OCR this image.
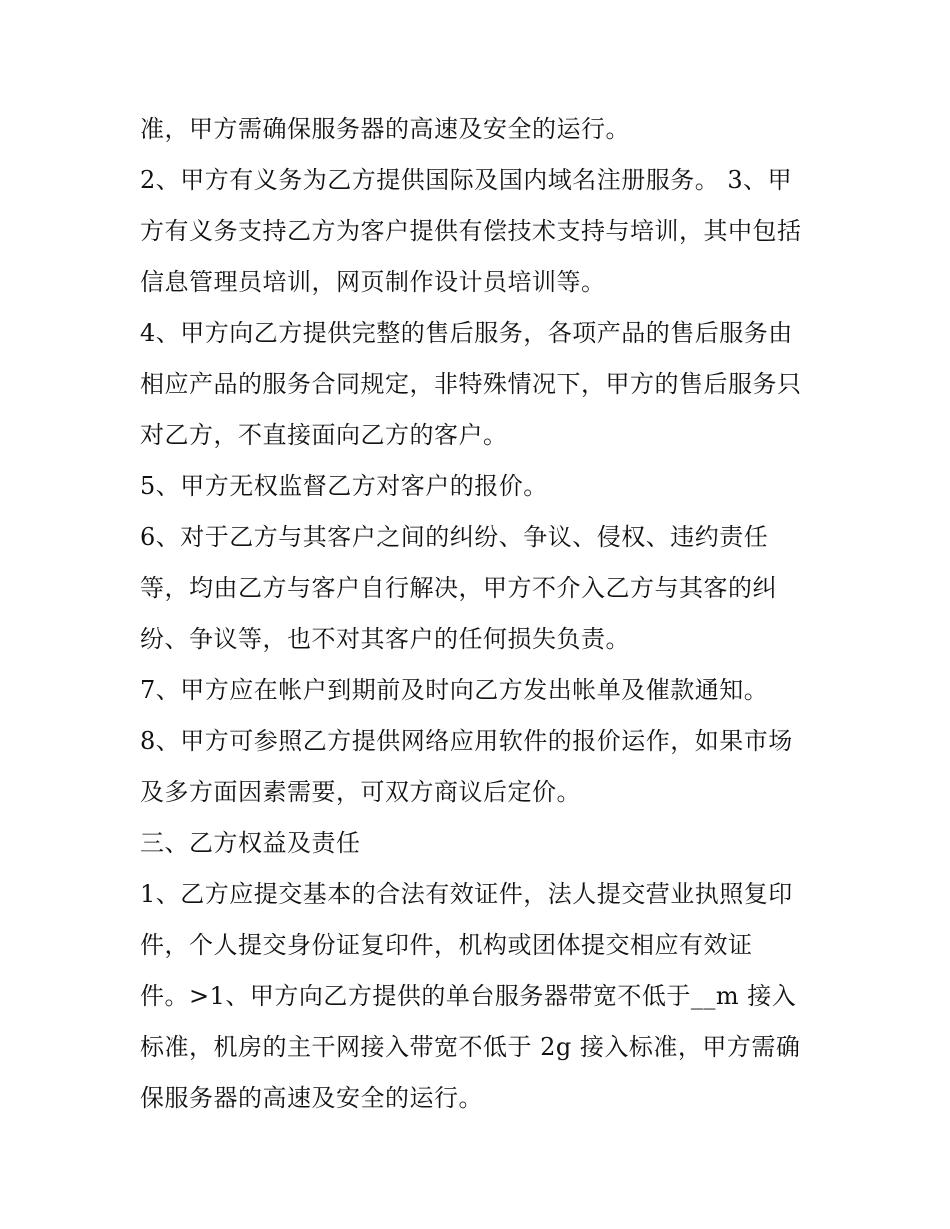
准，甲方需确保服务器的高速及安全的运行。
2、甲方有义务为乙方提供国际及国内域名注册服务。 3、甲
方有义务支持乙方为客户提供有偿技术支持与培训，其中包括
信息管理员培训，网页制作设计员培训等。
4、甲方向乙方提供完整的售后服务，各项产品的售后服务由
相应产品的服务合同规定，非特殊情况下，甲方的售后服务只
对乙方，不直接面向乙方的客户。
5、甲方无权监督乙方对客户的报价。
6、对于乙方与其客户之间的纠纷、争议、侵权、违约责任
等，均由乙方与客户自行解决，甲方不介入乙方与其客的纠
纷、争议等，也不对其客户的任何损失负责。
7、甲方应在帐户到期前及时向乙方发出帐单及催款通知。
8、甲方可参照乙方提供网络应用软件的报价运作，如果市场
及多方面因素需要，可双方商议后定价。
三、乙方权益及责任
1、乙方应提交基本的合法有效证件，法人提交营业执照复印
件，个人提交身份证复印件，机构或团体提交相应有效证
件。>1、甲方向乙方提供的单台服务器带宽不低于__m 接入
标准，机房的主干网接入带宽不低于 2g 接入标准，甲方需确
保服务器的高速及安全的运行。
